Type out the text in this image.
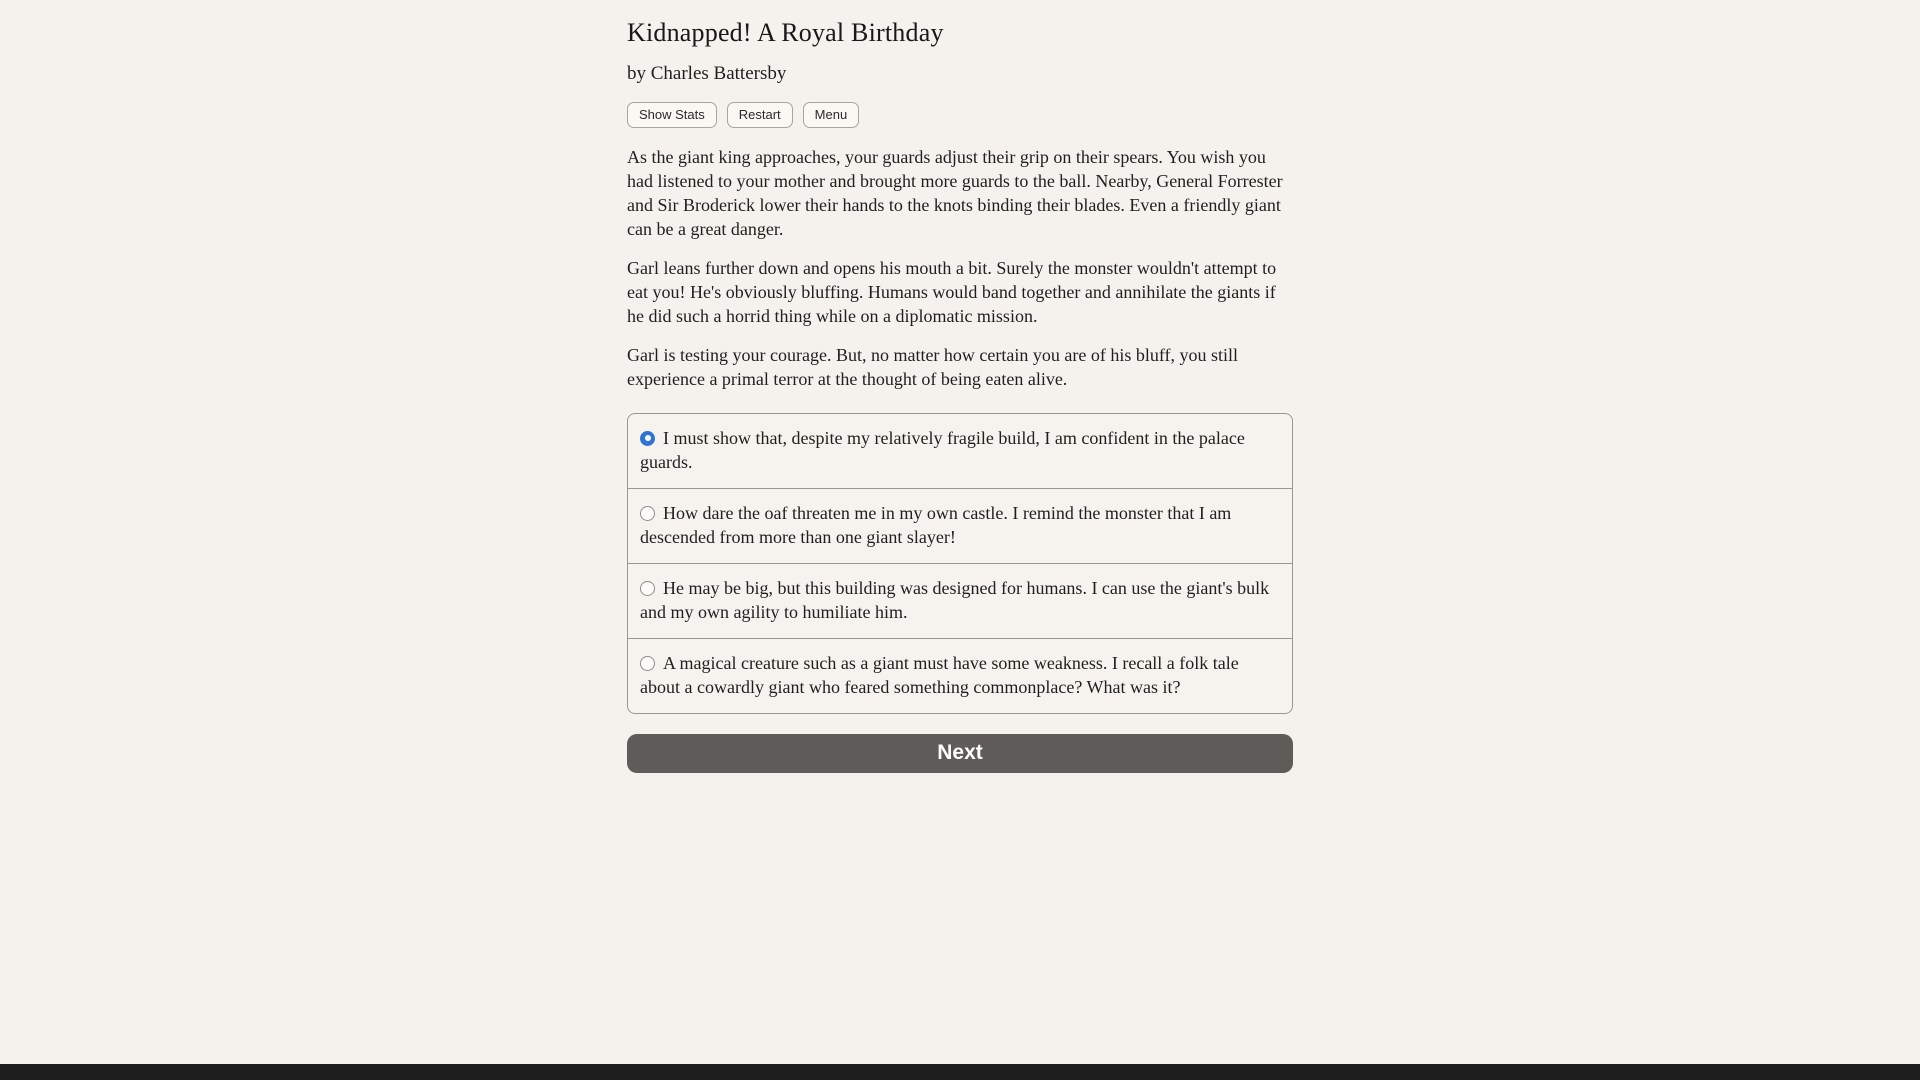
Kidnapped! A Royal Birthday
by Charles Battersby
Show Stats	Restart	Menu

As the giant king approaches, your guards adjust their grip on their spears. You wish you had listened to your mother and brought more guards to the ball. Nearby, General Forrester and Sir Broderick lower their hands to the knots binding their blades. Even a friendly giant can be a great danger.

Garl leans further down and opens his mouth a bit. Surely the monster wouldn't attempt to eat you! He's obviously bluffing. Humans would band together and annihilate the giants if he did such a horrid thing while on a diplomatic mission.

Garl is testing your courage. But, no matter how certain you are of his bluff, you still experience a primal terror at the thought of being eaten alive.

I must show that, despite my relatively fragile build, I am confident in the palace guards.
How dare the oaf threaten me in my own castle. I remind the monster that I am descended from more than one giant slayer!
He may be big, but this building was designed for humans. I can use the giant's bulk and my own agility to humiliate him.
A magical creature such as a giant must have some weakness. I recall a folk tale about a cowardly giant who feared something commonplace? What was it?
Next
